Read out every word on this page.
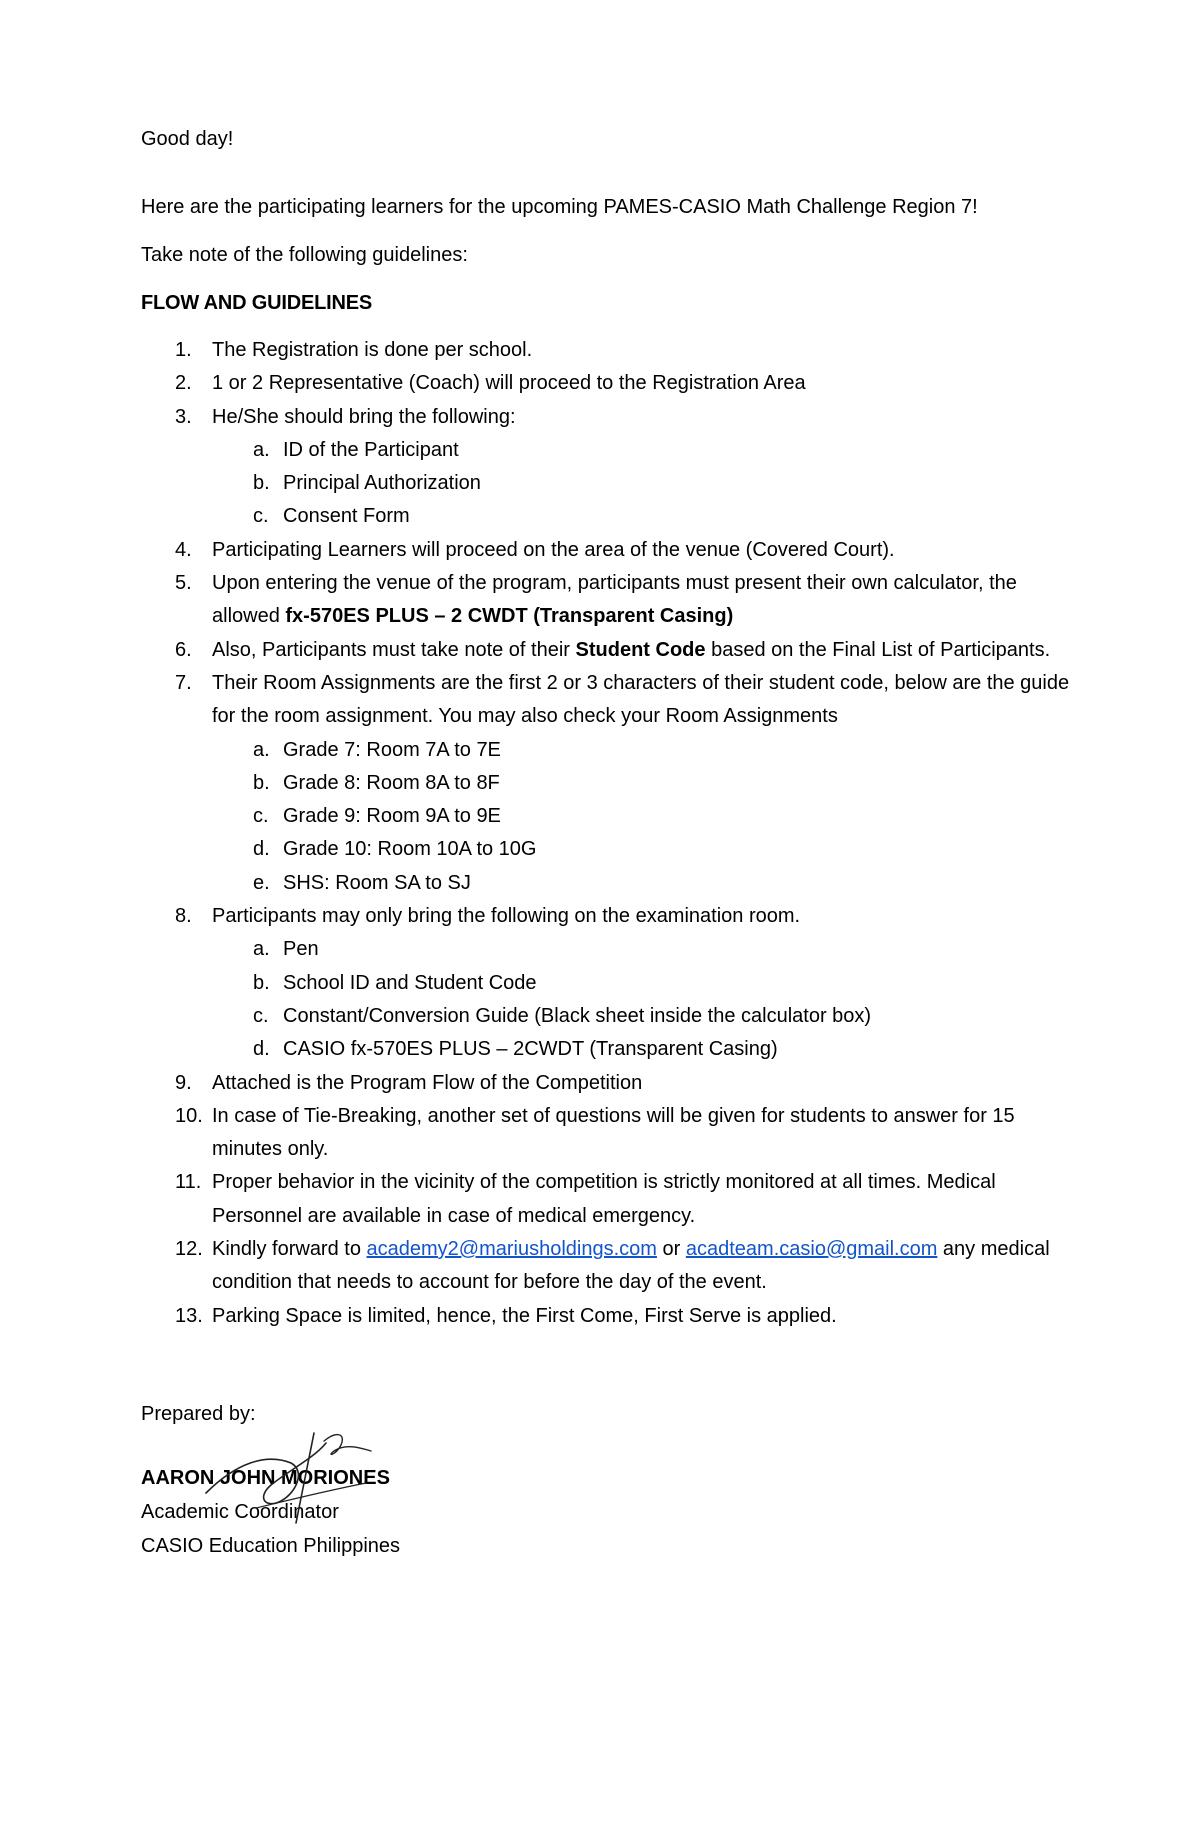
Good day!

Here are the participating learners for the upcoming PAMES-CASIO Math Challenge Region 7!

Take note of the following guidelines:

FLOW AND GUIDELINES

1.	The Registration is done per school.
2.	1 or 2 Representative (Coach) will proceed to the Registration Area
3.	He/She should bring the following:
a. ID of the Participant
b. Principal Authorization
c. Consent Form
4.	Participating Learners will proceed on the area of the venue (Covered Court).
5.	Upon entering the venue of the program, participants must present their own calculator, the allowed fx-570ES PLUS – 2 CWDT (Transparent Casing)
6.	Also, Participants must take note of their Student Code based on the Final List of Participants.
7.	Their Room Assignments are the first 2 or 3 characters of their student code, below are the guide for the room assignment. You may also check your Room Assignments
a. Grade 7: Room 7A to 7E
b. Grade 8: Room 8A to 8F
c. Grade 9: Room 9A to 9E
d. Grade 10: Room 10A to 10G
e. SHS: Room SA to SJ
8.	Participants may only bring the following on the examination room.
a. Pen
b. School ID and Student Code
c. Constant/Conversion Guide (Black sheet inside the calculator box)
d. CASIO fx-570ES PLUS – 2CWDT (Transparent Casing)
9.	Attached is the Program Flow of the Competition
10. In case of Tie-Breaking, another set of questions will be given for students to answer for 15 minutes only.
11. Proper behavior in the vicinity of the competition is strictly monitored at all times. Medical Personnel are available in case of medical emergency.
12. Kindly forward to academy2@mariusholdings.com or acadteam.casio@gmail.com any medical condition that needs to account for before the day of the event.
13. Parking Space is limited, hence, the First Come, First Serve is applied.

Prepared by:

AARON JOHN MORIONES

Academic Coordinator

CASIO Education Philippines
